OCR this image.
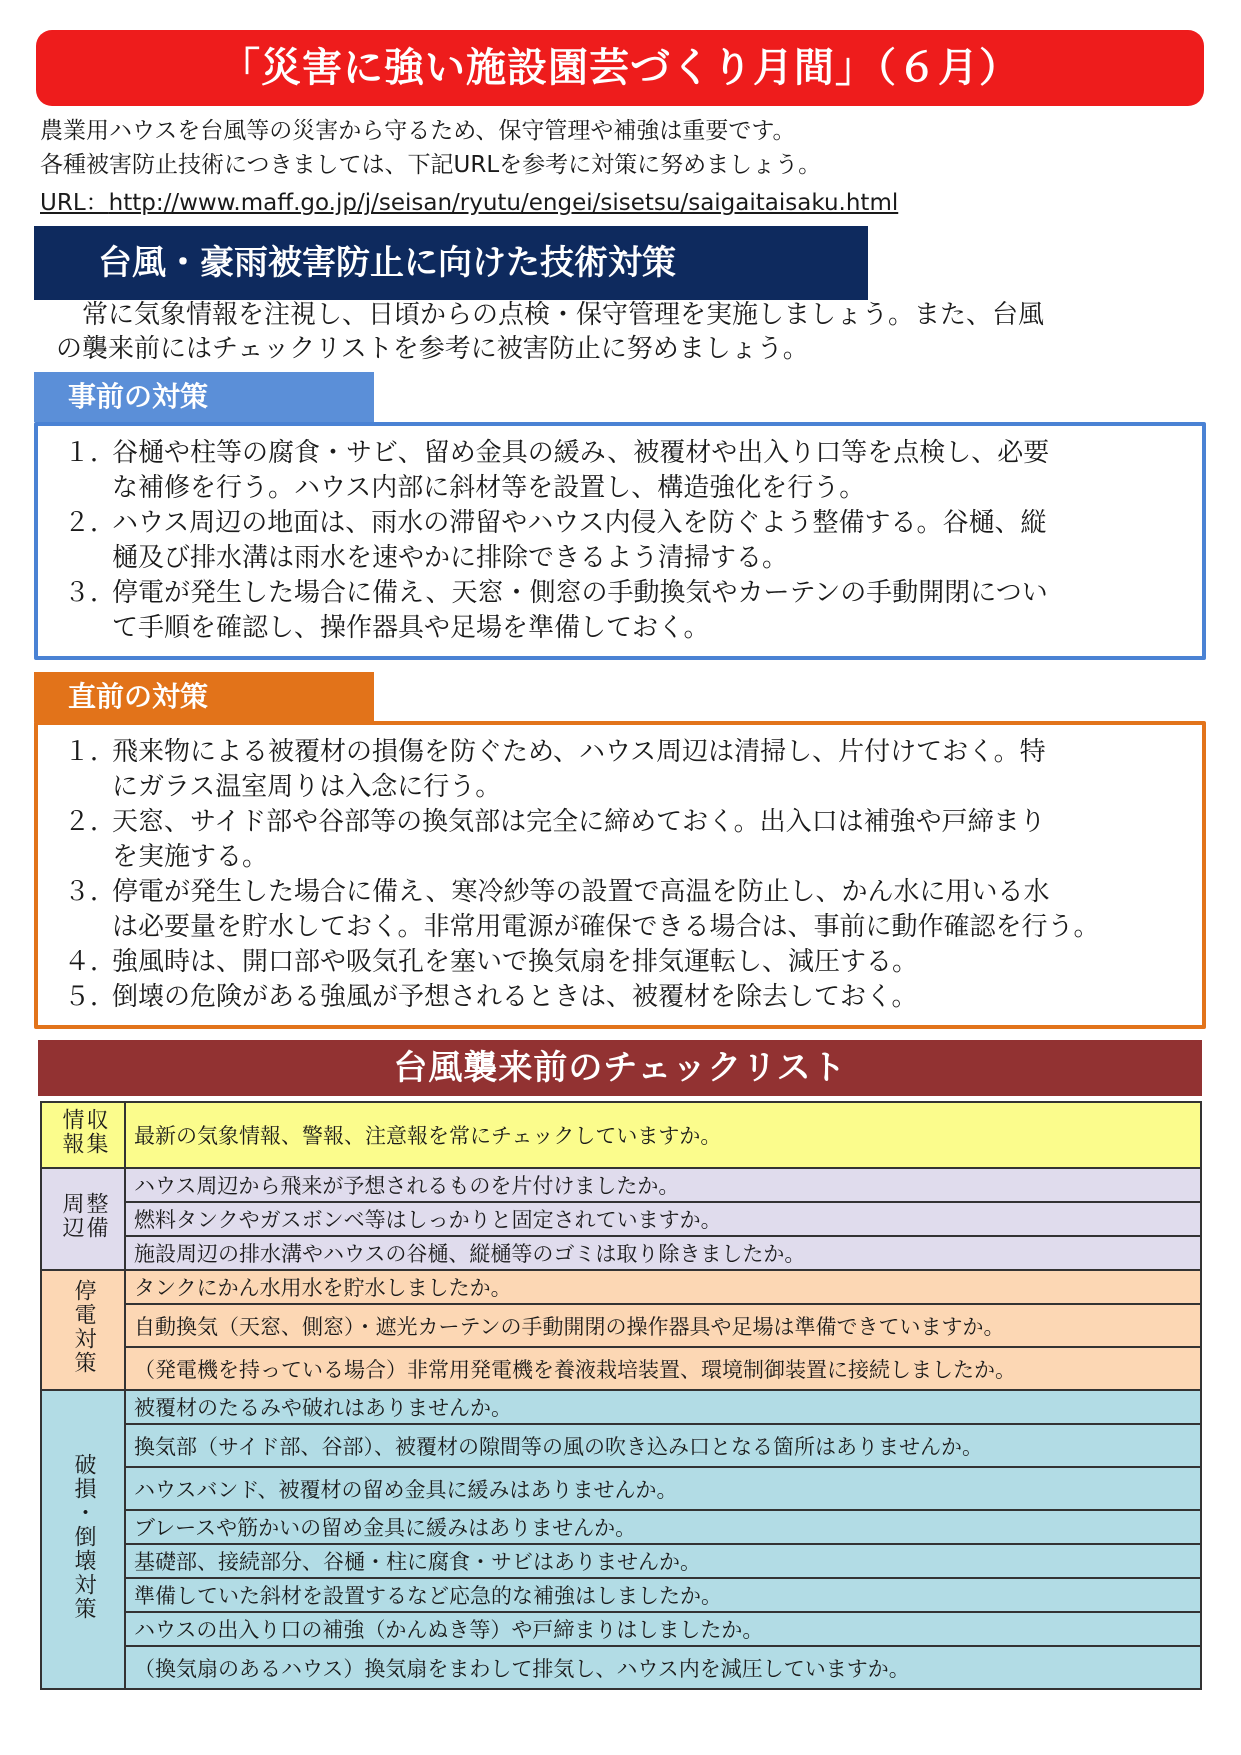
「災害に強い施設園芸づくり月間」（６月）

農業用ハウスを台風等の災害から守るため、保守管理や補強は重要です。

各種被害防止技術につきましては、下記URLを参考に対策に努めましょう。

URL：http://www.maff.go.jp/j/seisan/ryutu/engei/sisetsu/saigaitaisaku.html

台風・豪雨被害防止に向けた技術対策

　常に気象情報を注視し、日頃からの点検・保守管理を実施しましょう。また、台風

の襲来前にはチェックリストを参考に被害防止に努めましょう。

事前の対策
１．
谷樋や柱等の腐食・サビ、留め金具の緩み、被覆材や出入り口等を点検し、必要
な補修を行う。ハウス内部に斜材等を設置し、構造強化を行う。
２．
ハウス周辺の地面は、雨水の滞留やハウス内侵入を防ぐよう整備する。谷樋、縦
樋及び排水溝は雨水を速やかに排除できるよう清掃する。
３．
停電が発生した場合に備え、天窓・側窓の手動換気やカーテンの手動開閉につい
て手順を確認し、操作器具や足場を準備しておく。
直前の対策
１．
飛来物による被覆材の損傷を防ぐため、ハウス周辺は清掃し、片付けておく。特
にガラス温室周りは入念に行う。
２．
天窓、サイド部や谷部等の換気部は完全に締めておく。出入口は補強や戸締まり
を実施する。
３．
停電が発生した場合に備え、寒冷紗等の設置で高温を防止し、かん水に用いる水
は必要量を貯水しておく。非常用電源が確保できる場合は、事前に動作確認を行う。
４．
強風時は、開口部や吸気孔を塞いで換気扇を排気運転し、減圧する。
５．
倒壊の危険がある強風が予想されるときは、被覆材を除去しておく。
台風襲来前のチェックリスト
情報収集	最新の気象情報、警報、注意報を常にチェックしていますか。
周辺整備	ハウス周辺から飛来が予想されるものを片付けましたか。
	燃料タンクやガスボンベ等はしっかりと固定されていますか。
	施設周辺の排水溝やハウスの谷樋、縦樋等のゴミは取り除きましたか。
停電対策	タンクにかん水用水を貯水しましたか。
	自動換気（天窓、側窓）・遮光カーテンの手動開閉の操作器具や足場は準備できていますか。
	（発電機を持っている場合）非常用発電機を養液栽培装置、環境制御装置に接続しましたか。
破損・倒壊対策	被覆材のたるみや破れはありませんか。
	換気部（サイド部、谷部）、被覆材の隙間等の風の吹き込み口となる箇所はありませんか。
	ハウスバンド、被覆材の留め金具に緩みはありませんか。
	ブレースや筋かいの留め金具に緩みはありませんか。
	基礎部、接続部分、谷樋・柱に腐食・サビはありませんか。
	準備していた斜材を設置するなど応急的な補強はしましたか。
	ハウスの出入り口の補強（かんぬき等）や戸締まりはしましたか。
	（換気扇のあるハウス）換気扇をまわして排気し、ハウス内を減圧していますか。
